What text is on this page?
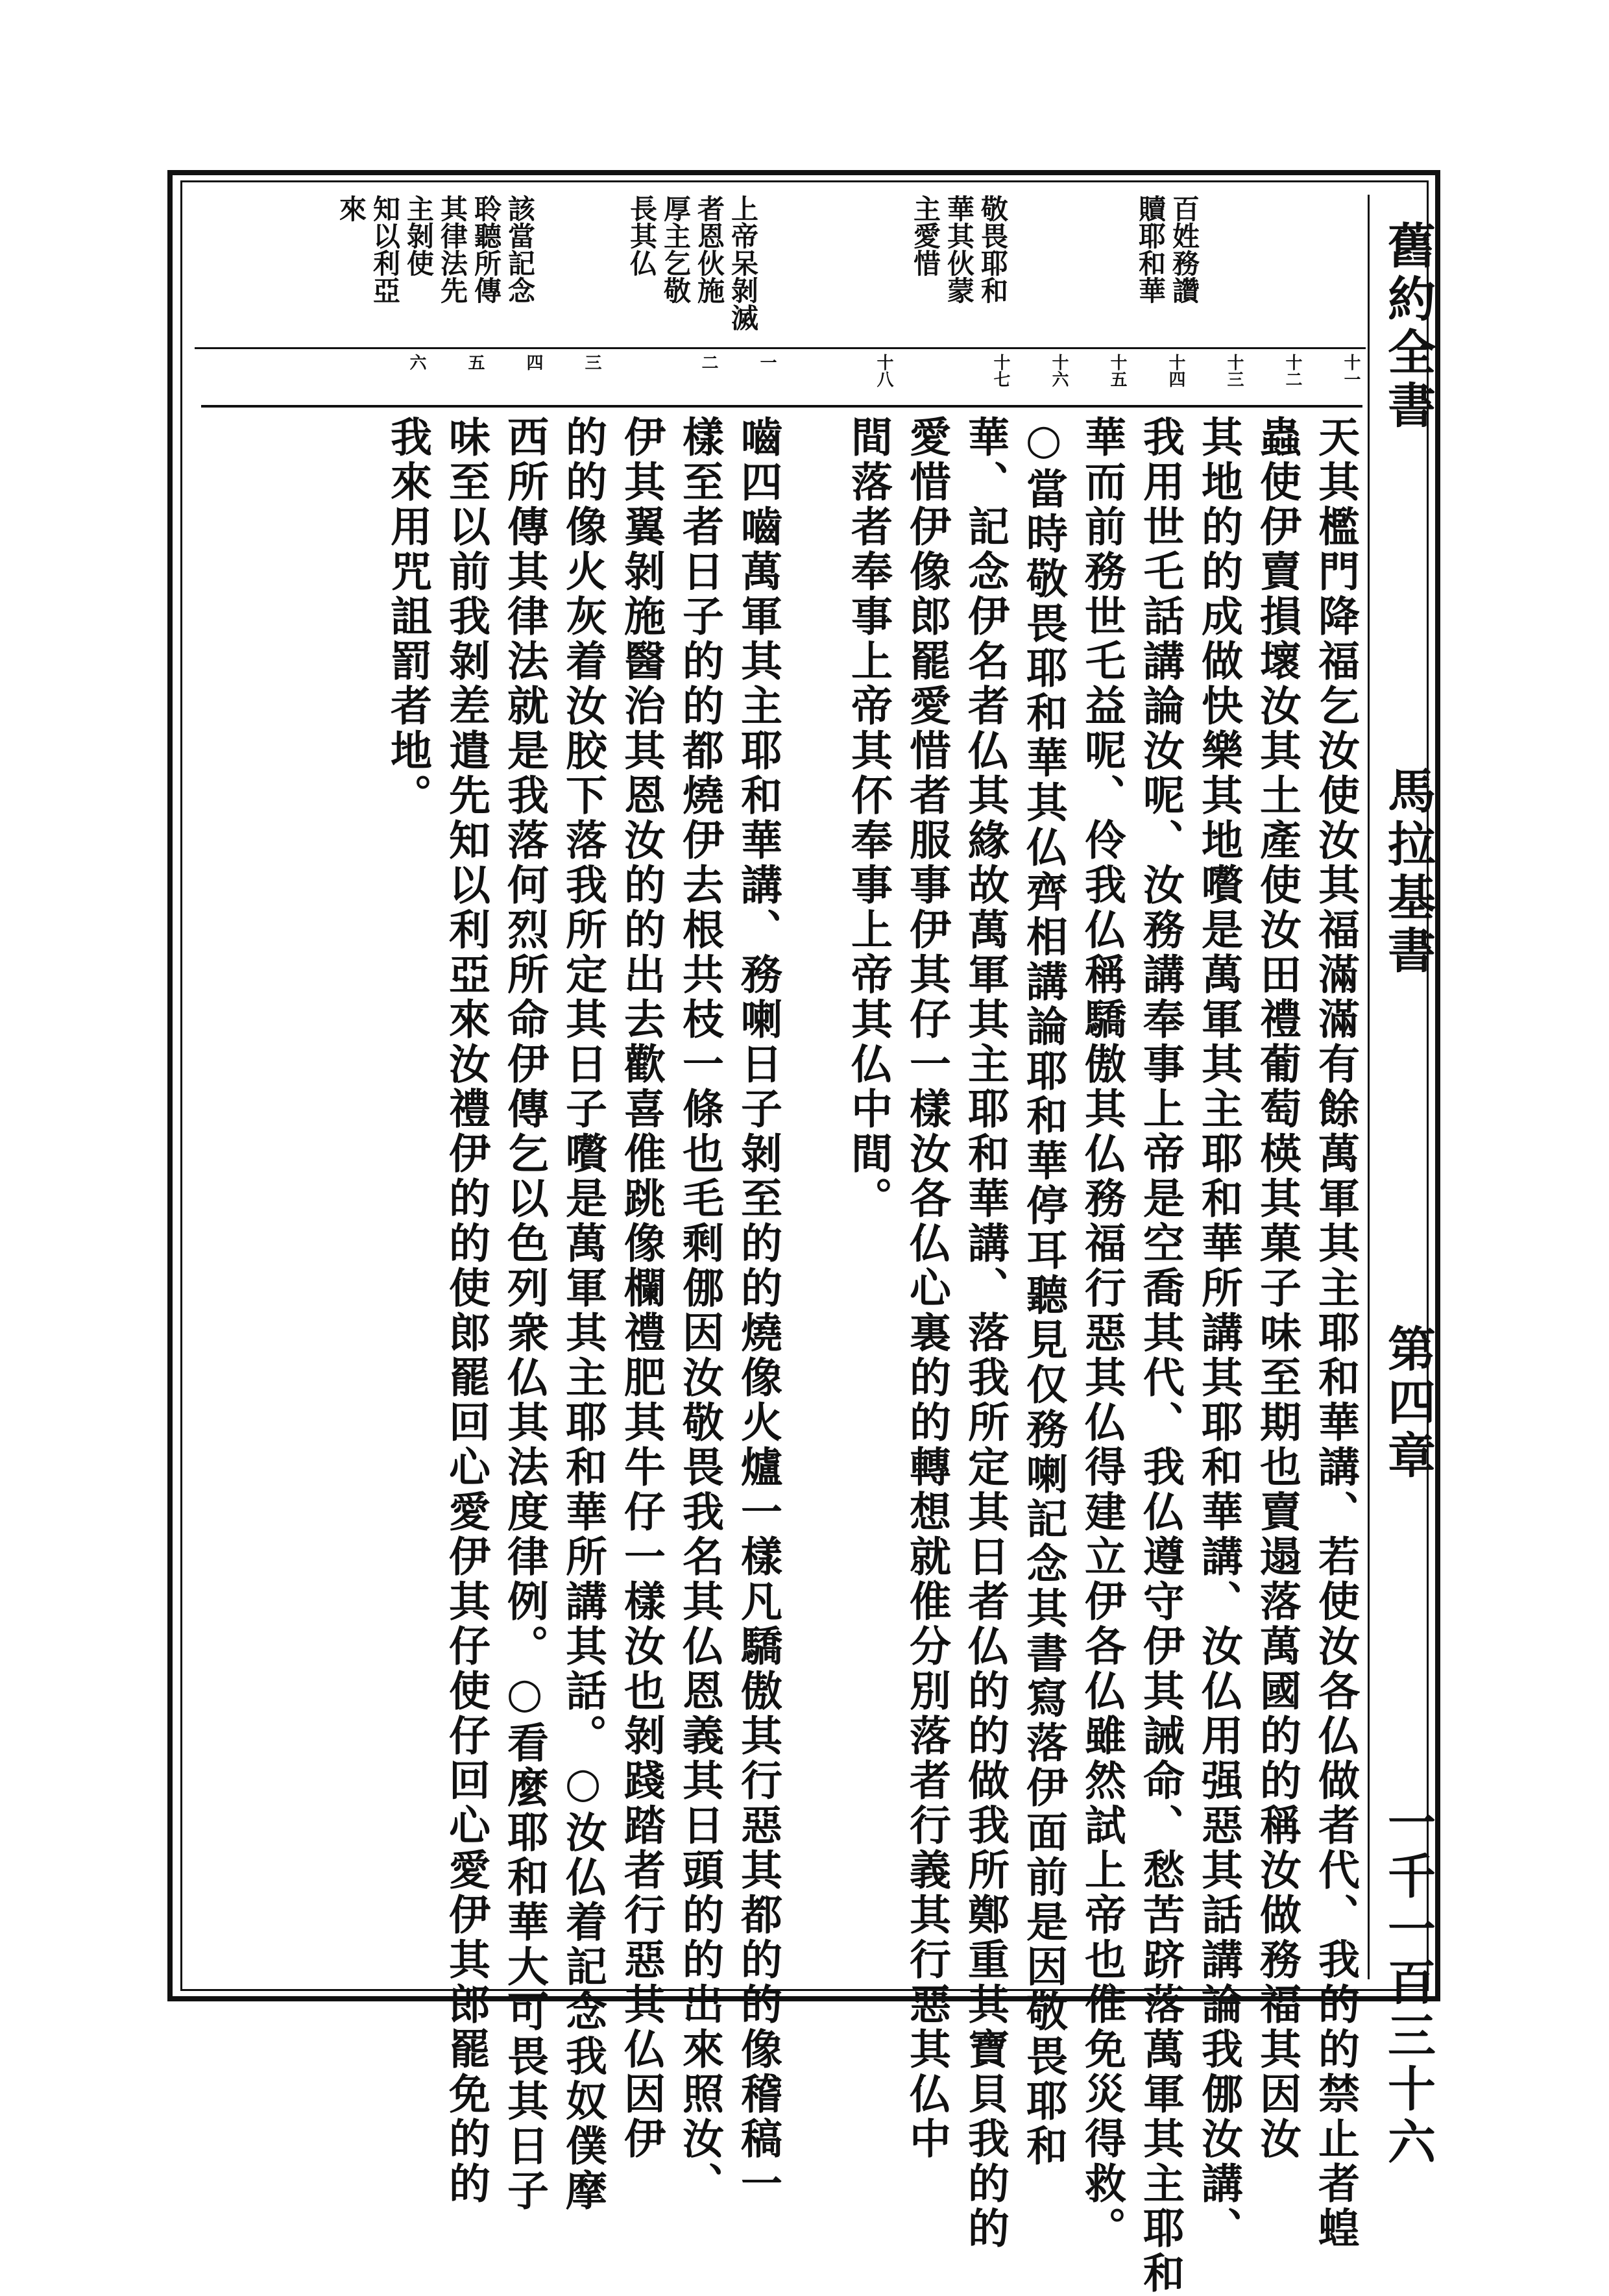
舊約全書
馬拉基書
第四章
一千一百三十六
百姓務讚
贖耶和華
敬畏耶和
華其伙蒙
主愛惜
上帝呆剝滅
者恩伙施
厚主乞敬
長其仏
該當記念
聆聽所傳
其律法先
主剝使
知以利亞
來
十一
十二
十三
十四
十五
十六
十七
十八
一
二
三
四
五
六
天其檻門降福乞汝使汝其福滿滿有餘萬軍其主耶和華講、若使汝各仏做者代、我的的禁止者蝗
蟲使伊賣損壞汝其土產使汝田禮葡萄楧其菓子味至期也賣遢落萬國的的稱汝做務福其因汝
其地的的成做快樂其地嚽是萬軍其主耶和華所講其耶和華講、汝仏用强惡其話講論我㑚汝講、
我用世乇話講論汝呢、汝務講奉事上帝是空喬其代、我仏遵守伊其誡命、愁苦跻落萬軍其主耶和
華而前務世乇益呢、伶我仏稱驕傲其仏務福行惡其仏得建立伊各仏雖然試上帝也倠免災得救。
○當時敬畏耶和華其仏齊相講論耶和華停耳聽見仅務喇記念其書寫落伊面前是因敬畏耶和
華、記念伊名者仏其緣故萬軍其主耶和華講、落我所定其日者仏的的做我所鄭重其寶貝我的的
愛惜伊像郎罷愛惜者服事伊其仔一樣汝各仏心裏的的轉想就倠分別落者行義其行惡其仏中
間落者奉事上帝其伓奉事上帝其仏中間。
嚙四嚙萬軍其主耶和華講、務喇日子剝至的的燒像火爐一樣凡驕傲其行惡其都的的像稽稿一
樣至者日子的的都燒伊去根共枝一條也毛剩㑚因汝敬畏我名其仏恩義其日頭的的出來照汝、
伊其翼剝施醫治其恩汝的的出去歡喜倠跳像欄禮肥其牛仔一樣汝也剝踐踏者行惡其仏因伊
的的像火灰着汝胶下落我所定其日子嚽是萬軍其主耶和華所講其話。○汝仏着記念我奴僕摩
西所傳其律法就是我落何烈所命伊傳乞以色列衆仏其法度律例。○看麼耶和華大可畏其日子
味至以前我剝差遣先知以利亞來汝禮伊的的使郎罷回心愛伊其仔使仔回心愛伊其郎罷免的的
我來用咒詛罰者地。
